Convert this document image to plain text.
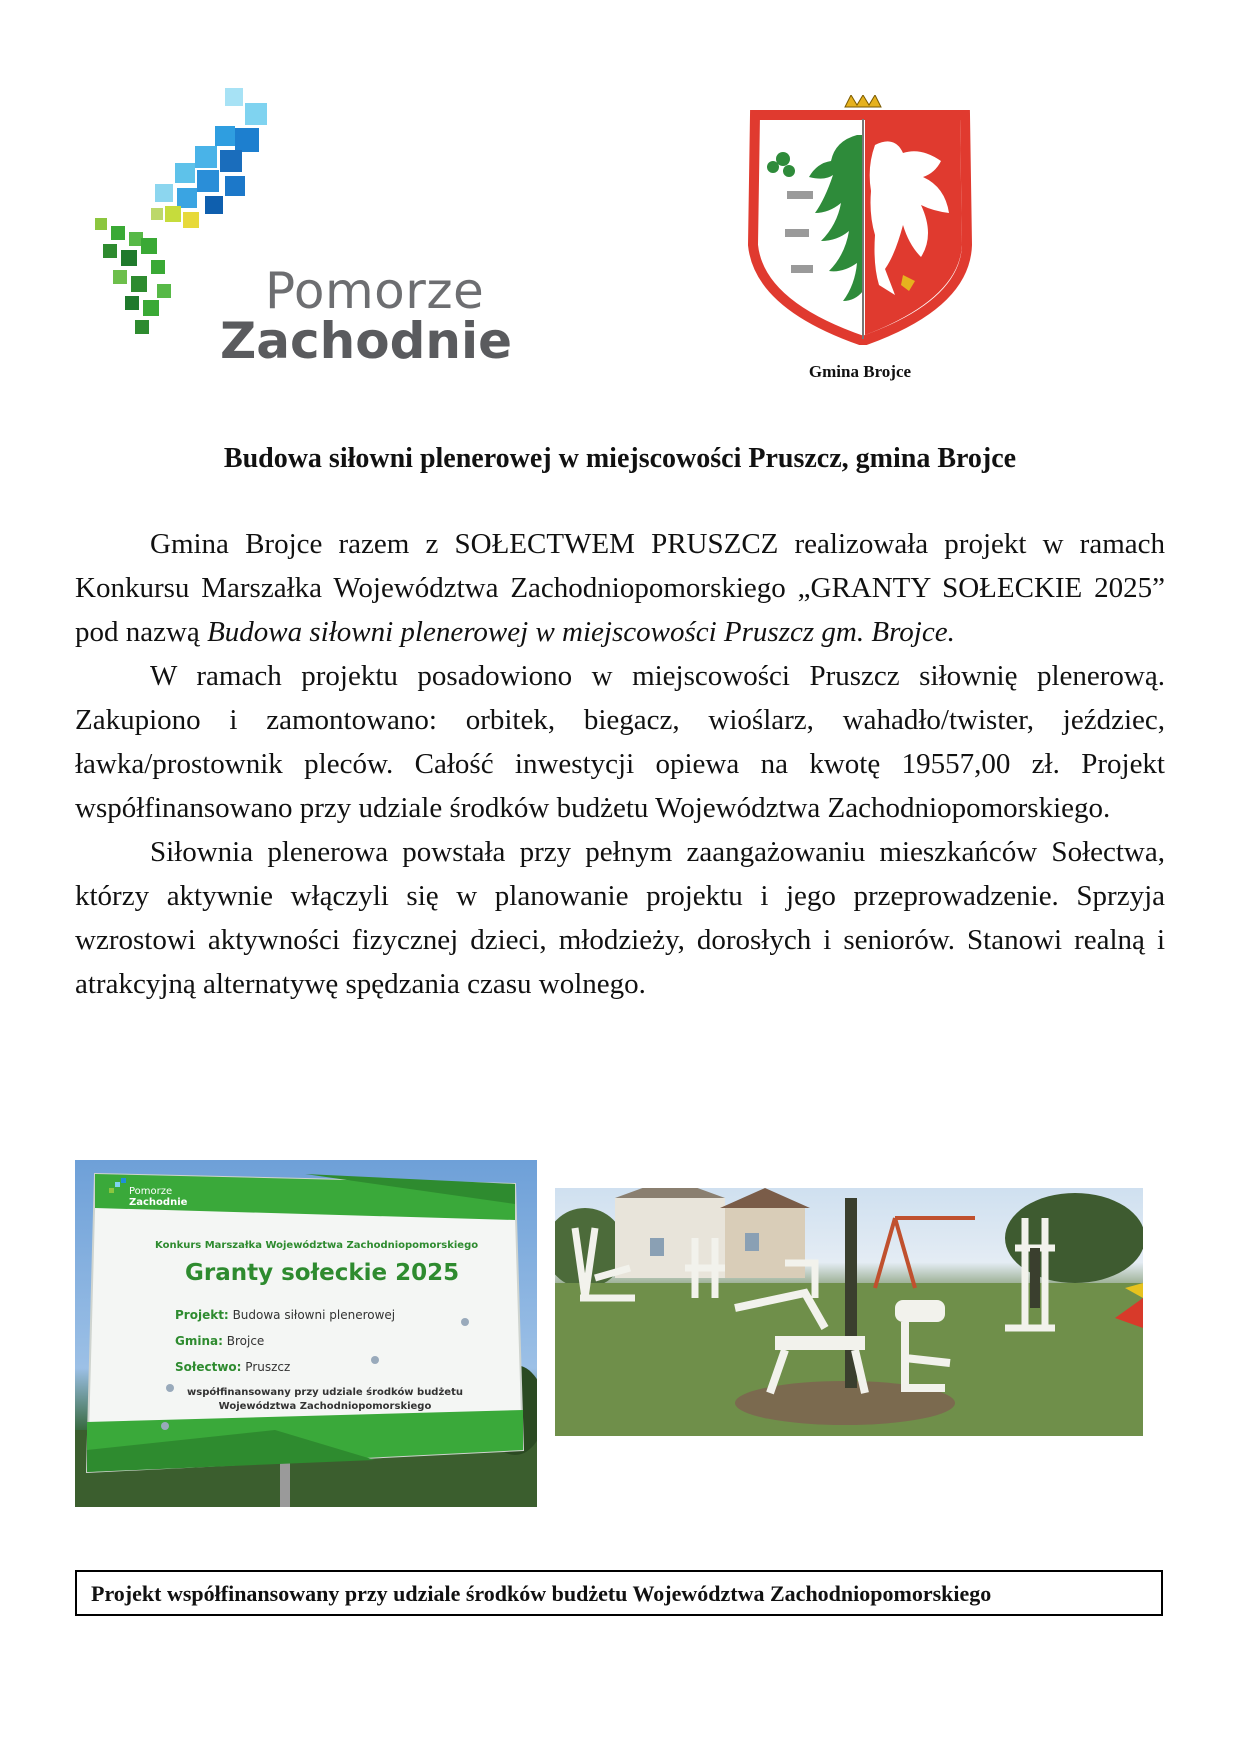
Pomorze
Zachodnie
Gmina Brojce
Budowa siłowni plenerowej w miejscowości Pruszcz, gmina Brojce

Gmina Brojce razem z SOŁECTWEM PRUSZCZ realizowała projekt w ramach Konkursu Marszałka Województwa Zachodniopomorskiego „GRANTY SOŁECKIE 2025” pod nazwą Budowa siłowni plenerowej w miejscowości Pruszcz gm. Brojce.

W ramach projektu posadowiono w miejscowości Pruszcz siłownię plenerową. Zakupiono i zamontowano: orbitek, biegacz, wioślarz, wahadło/twister, jeździec, ławka/prostownik pleców. Całość inwestycji opiewa na kwotę 19557,00 zł. Projekt współfinansowano przy udziale środków budżetu Województwa Zachodniopomorskiego.

Siłownia plenerowa powstała przy pełnym zaangażowaniu mieszkańców Sołectwa, którzy aktywnie włączyli się w planowanie projektu i jego przeprowadzenie. Sprzyja wzrostowi aktywności fizycznej dzieci, młodzieży, dorosłych i seniorów. Stanowi realną i atrakcyjną alternatywę spędzania czasu wolnego.

Pomorze
Zachodnie
Konkurs Marszałka Województwa Zachodniopomorskiego
Granty sołeckie 2025
Projekt: Budowa siłowni plenerowej
Gmina: Brojce
Sołectwo: Pruszcz
współfinansowany przy udziale środków budżetu
Województwa Zachodniopomorskiego
Projekt współfinansowany przy udziale środków budżetu Województwa Zachodniopomorskiego
